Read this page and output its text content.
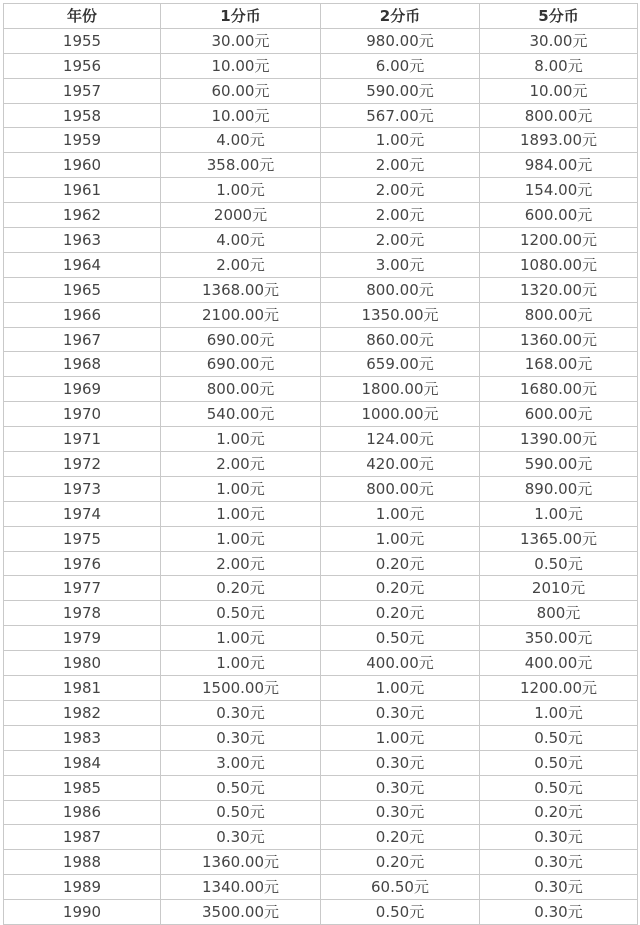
年份	1分币	2分币	5分币
1955	30.00元	980.00元	30.00元
1956	10.00元	6.00元	8.00元
1957	60.00元	590.00元	10.00元
1958	10.00元	567.00元	800.00元
1959	4.00元	1.00元	1893.00元
1960	358.00元	2.00元	984.00元
1961	1.00元	2.00元	154.00元
1962	2000元	2.00元	600.00元
1963	4.00元	2.00元	1200.00元
1964	2.00元	3.00元	1080.00元
1965	1368.00元	800.00元	1320.00元
1966	2100.00元	1350.00元	800.00元
1967	690.00元	860.00元	1360.00元
1968	690.00元	659.00元	168.00元
1969	800.00元	1800.00元	1680.00元
1970	540.00元	1000.00元	600.00元
1971	1.00元	124.00元	1390.00元
1972	2.00元	420.00元	590.00元
1973	1.00元	800.00元	890.00元
1974	1.00元	1.00元	1.00元
1975	1.00元	1.00元	1365.00元
1976	2.00元	0.20元	0.50元
1977	0.20元	0.20元	2010元
1978	0.50元	0.20元	800元
1979	1.00元	0.50元	350.00元
1980	1.00元	400.00元	400.00元
1981	1500.00元	1.00元	1200.00元
1982	0.30元	0.30元	1.00元
1983	0.30元	1.00元	0.50元
1984	3.00元	0.30元	0.50元
1985	0.50元	0.30元	0.50元
1986	0.50元	0.30元	0.20元
1987	0.30元	0.20元	0.30元
1988	1360.00元	0.20元	0.30元
1989	1340.00元	60.50元	0.30元
1990	3500.00元	0.50元	0.30元
